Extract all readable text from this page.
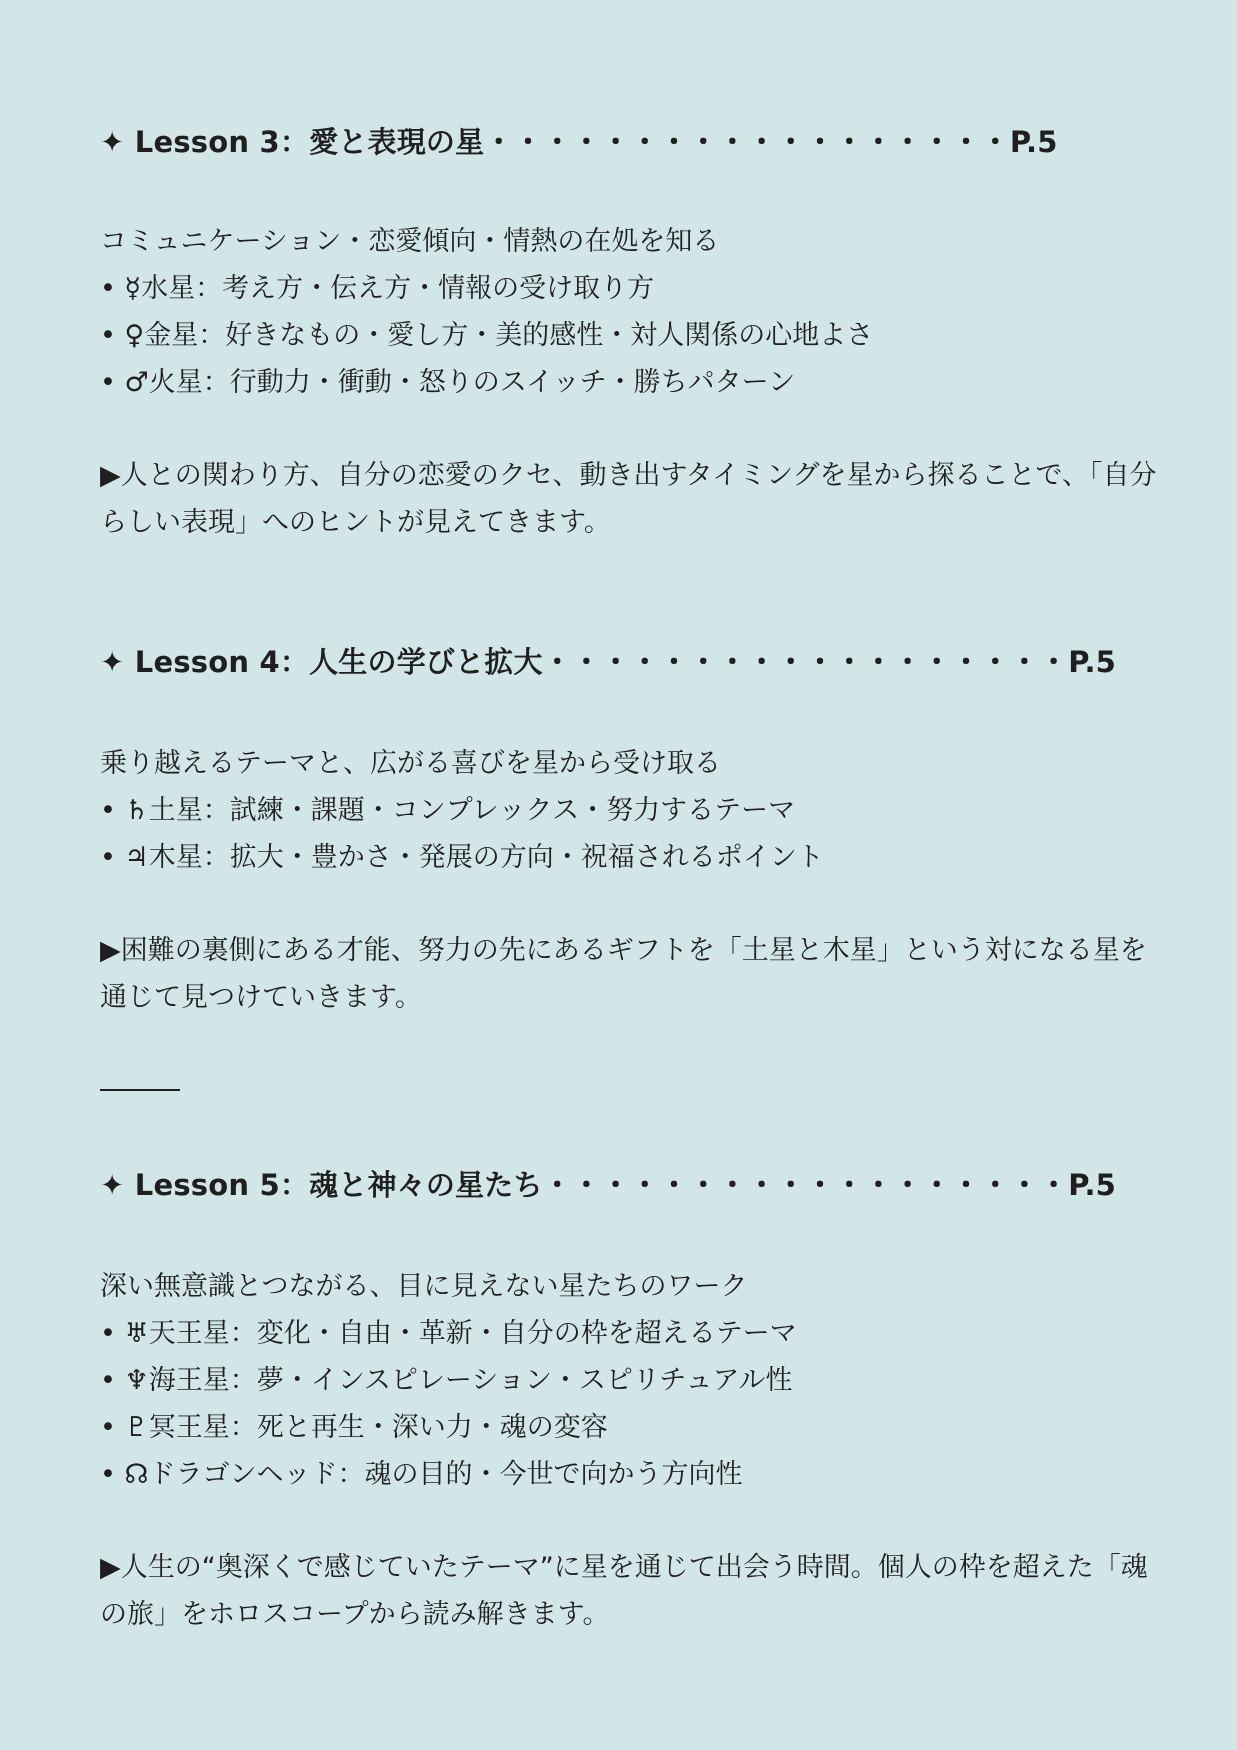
✦ Lesson 3：愛と表現の星・・・・・・・・・・・・・・・・・・P.5

コミュニケーション・恋愛傾向・情熱の在処を知る

• ☿水星：考え方・伝え方・情報の受け取り方

• ♀金星：好きなもの・愛し方・美的感性・対人関係の心地よさ

• ♂火星：行動力・衝動・怒りのスイッチ・勝ちパターン

▶人との関わり方、自分の恋愛のクセ、動き出すタイミングを星から探ることで、「自分らしい表現」へのヒントが見えてきます。

✦ Lesson 4：人生の学びと拡大・・・・・・・・・・・・・・・・・・P.5

乗り越えるテーマと、広がる喜びを星から受け取る

• ♄土星：試練・課題・コンプレックス・努力するテーマ

• ♃木星：拡大・豊かさ・発展の方向・祝福されるポイント

▶困難の裏側にある才能、努力の先にあるギフトを「土星と木星」という対になる星を通じて見つけていきます。

✦ Lesson 5：魂と神々の星たち・・・・・・・・・・・・・・・・・・P.5

深い無意識とつながる、目に見えない星たちのワーク

• ♅天王星：変化・自由・革新・自分の枠を超えるテーマ

• ♆海王星：夢・インスピレーション・スピリチュアル性

• ♇冥王星：死と再生・深い力・魂の変容

• ☊ドラゴンヘッド：魂の目的・今世で向かう方向性

▶人生の“奥深くで感じていたテーマ”に星を通じて出会う時間。個人の枠を超えた「魂の旅」をホロスコープから読み解きます。
